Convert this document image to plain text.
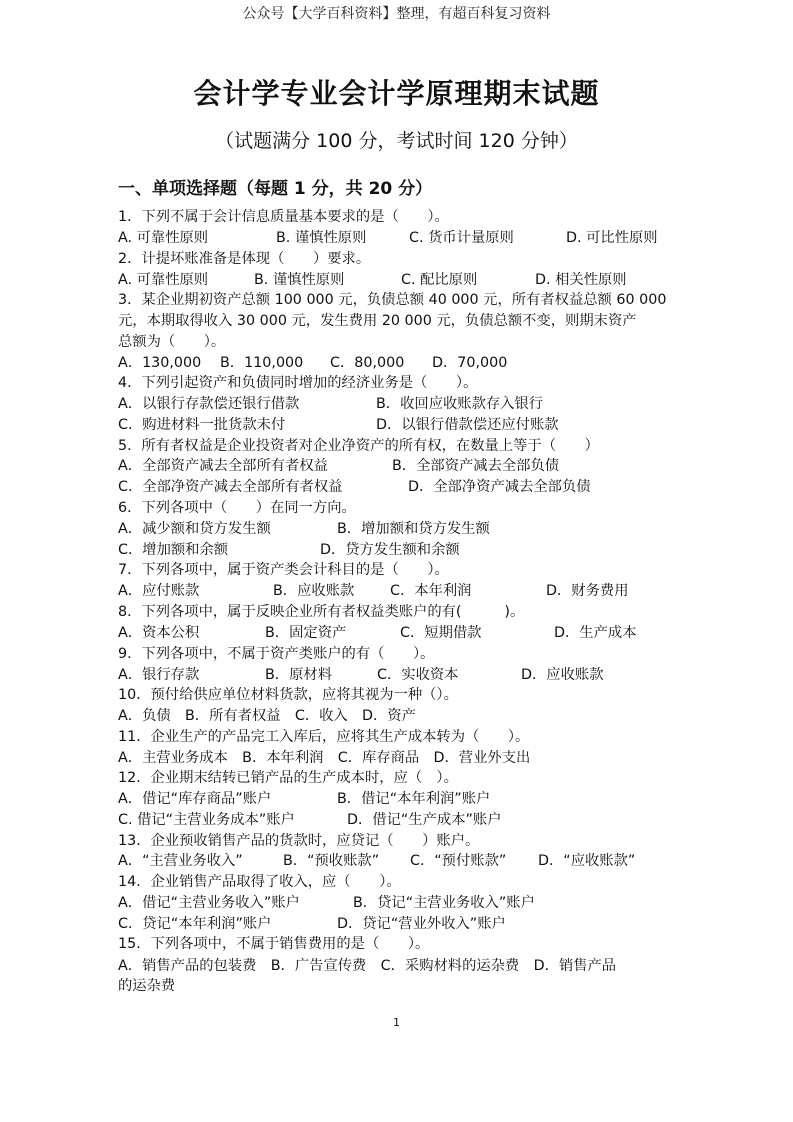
公众号【大学百科资料】整理，有超百科复习资料
会计学专业会计学原理期末试题
（试题满分 100 分，考试时间 120 分钟）
一、单项选择题（每题 1 分，共 20 分）
1．下列不属于会计信息质量基本要求的是（　　）。
A. 可靠性原则	B. 谨慎性原则	C. 货币计量原则	D. 可比性原则
2．计提坏账准备是体现（　　）要求。
A. 可靠性原则	B. 谨慎性原则	C. 配比原则	D. 相关性原则
3．某企业期初资产总额 100 000 元，负债总额 40 000 元，所有者权益总额 60 000
元，本期取得收入 30 000 元，发生费用 20 000 元，负债总额不变，则期末资产
总额为（　　）。
A．130,000 B．110,000 C．80,000 D．70,000
4．下列引起资产和负债同时增加的经济业务是（　　）。
A．以银行存款偿还银行借款	B．收回应收账款存入银行
C．购进材料一批货款未付	D．以银行借款偿还应付账款
5．所有者权益是企业投资者对企业净资产的所有权，在数量上等于（　　）
A．全部资产减去全部所有者权益	B．全部资产减去全部负债
C．全部净资产减去全部所有者权益	D．全部净资产减去全部负债
6．下列各项中（　　）在同一方向。
A．减少额和贷方发生额	B．增加额和贷方发生额
C．增加额和余额	D．贷方发生额和余额
7．下列各项中，属于资产类会计科目的是（　　）。
A．应付账款	B．应收账款 C．本年利润	D．财务费用
8．下列各项中，属于反映企业所有者权益类账户的有(　　　)。
A．资本公积	B．固定资产	C．短期借款	D．生产成本
9．下列各项中，不属于资产类账户的有（　　）。
A．银行存款	B．原材料	C．实收资本	D．应收账款
10．预付给供应单位材料货款，应将其视为一种（）。
A．负债　B．所有者权益　C．收入　D．资产
11．企业生产的产品完工入库后，应将其生产成本转为（　　）。
A．主营业务成本　B．本年利润　C．库存商品　D．营业外支出
12．企业期末结转已销产品的生产成本时，应（　）。
A．借记“库存商品”账户	B．借记“本年利润”账户
C. 借记“主营业务成本”账户	D．借记“生产成本”账户
13．企业预收销售产品的货款时，应贷记（　　）账户。
A．“主营业务收入”	B．“预收账款” C．“预付账款” D．“应收账款”
14．企业销售产品取得了收入，应（　　）。
A．借记“主营业务收入”账户	B．贷记“主营业务收入”账户
C．贷记“本年利润”账户	D．贷记“营业外收入”账户
15．下列各项中，不属于销售费用的是（　　）。
A．销售产品的包装费　B．广告宣传费　C．采购材料的运杂费　D．销售产品
的运杂费
1
